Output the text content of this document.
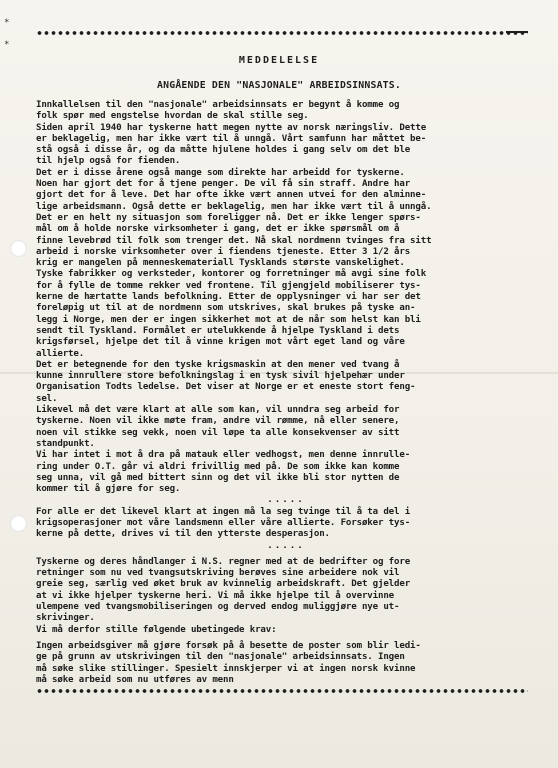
*
*
MEDDELELSE
ANGÅENDE DEN "NASJONALE" ARBEIDSINNSATS.
Innkallelsen til den "nasjonale" arbeidsinnsats er begynt å komme og
folk spør med engstelse hvordan de skal stille seg.
Siden april 1940 har tyskerne hatt megen nytte av norsk næringsliv. Dette
er beklagelig, men har ikke vært til å unngå. Vårt samfunn har måttet be-
stå også i disse år, og da måtte hjulene holdes i gang selv om det ble
til hjelp også for fienden.
Det er i disse årene også mange som direkte har arbeidd for tyskerne.
Noen har gjort det for å tjene penger. De vil få sin straff. Andre har
gjort det for å leve. Det har ofte ikke vært annen utvei for den alminne-
lige arbeidsmann. Også dette er beklagelig, men har ikke vært til å unngå.
Det er en helt ny situasjon som foreligger nå. Det er ikke lenger spørs-
mål om å holde norske virksomheter i gang, det er ikke spørsmål om å
finne levebrød til folk som trenger det. Nå skal nordmenn tvinges fra sitt
arbeid i norske virksomheter over i fiendens tjeneste. Etter 3 1/2 års
krig er mangelen på menneskemateriall Tysklands største vanskelighet.
Tyske fabrikker og verksteder, kontorer og forretninger må avgi sine folk
for å fylle de tomme rekker ved frontene. Til gjengjeld mobiliserer tys-
kerne de hærtatte lands befolkning. Etter de opplysninger vi har ser det
foreløpig ut til at de nordmenn som utskrives, skal brukes på tyske an-
legg i Norge, men der er ingen sikkerhet mot at de når som helst kan bli
sendt til Tyskland. Formålet er utelukkende å hjelpe Tyskland i dets
krigsførsel, hjelpe det til å vinne krigen mot vårt eget land og våre
allierte.
Det er betegnende for den tyske krigsmaskin at den mener ved tvang å
kunne innrullere store befolkningslag i en tysk sivil hjelpehær under
Organisation Todts ledelse. Det viser at Norge er et eneste stort feng-
sel.
Likevel må det være klart at alle som kan, vil unndra seg arbeid for
tyskerne. Noen vil ikke møte fram, andre vil rømme, nå eller senere,
noen vil stikke seg vekk, noen vil løpe ta alle konsekvenser av sitt
standpunkt.
Vi har intet i mot å dra på matauk eller vedhogst, men denne innrulle-
ring under O.T. går vi aldri frivillig med på. De som ikke kan komme
seg unna, vil gå med bittert sinn og det vil ikke bli stor nytten de
kommer til å gjøre for seg.
.....
For alle er det likevel klart at ingen må la seg tvinge til å ta del i
krigsoperasjoner mot våre landsmenn eller våre allierte. Forsøker tys-
kerne på dette, drives vi til den ytterste desperasjon.
.....
Tyskerne og deres håndlanger i N.S. regner med at de bedrifter og fore
retninger som nu ved tvangsutskriving berøves sine arbeidere nok vil
greie seg, særlig ved øket bruk av kvinnelig arbeidskraft. Det gjelder
at vi ikke hjelper tyskerne heri. Vi må ikke hjelpe til å overvinne
ulempene ved tvangsmobiliseringen og derved endog muliggjøre nye ut-
skrivinger.
Vi må derfor stille følgende ubetingede krav:
Ingen arbeidsgiver må gjøre forsøk på å besette de poster som blir ledi-
ge på grunn av utskrivingen til den "nasjonale" arbeidsinnsats. Ingen
må søke slike stillinger. Spesielt innskjerper vi at ingen norsk kvinne
må søke arbeid som nu utføres av menn
